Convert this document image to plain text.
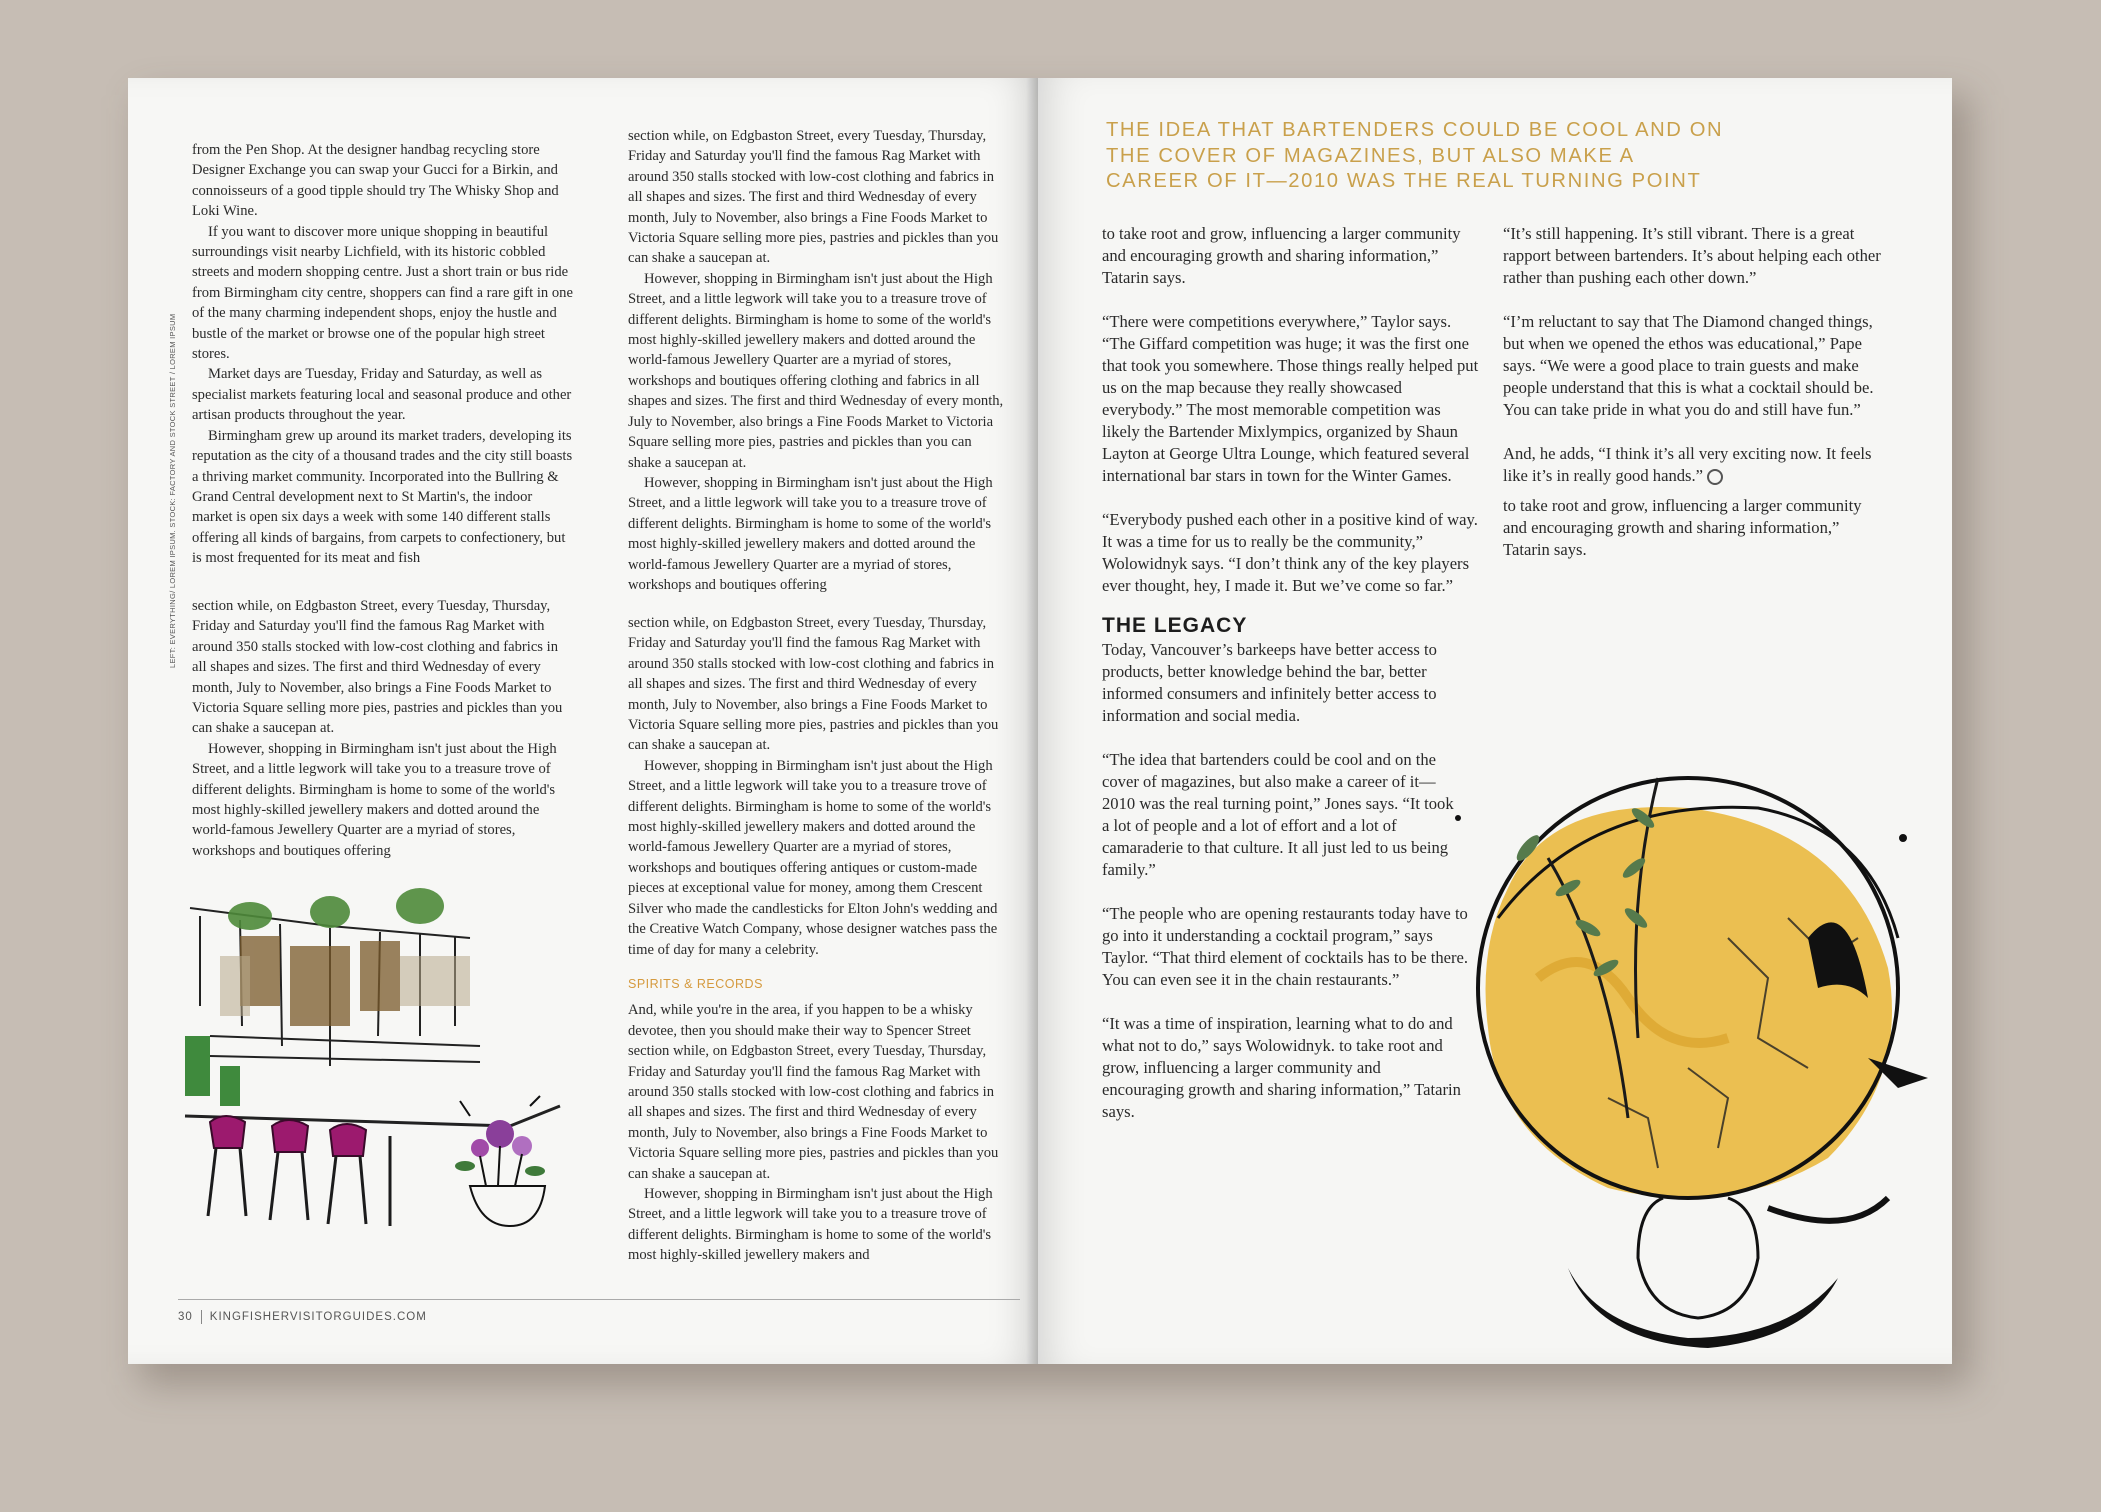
LEFT: EVERYTHING/ LOREM IPSUM. STOCK: FACTORY AND STOCK STREET / LOREM IPSUM

from the Pen Shop. At the designer handbag recycling store Designer Exchange you can swap your Gucci for a Birkin, and connoisseurs of a good tipple should try The Whisky Shop and Loki Wine.

If you want to discover more unique shopping in beautiful surroundings visit nearby Lichfield, with its historic cobbled streets and modern shopping centre. Just a short train or bus ride from Birmingham city centre, shoppers can find a rare gift in one of the many charming independent shops, enjoy the hustle and bustle of the market or browse one of the popular high street stores.

Market days are Tuesday, Friday and Saturday, as well as specialist markets featuring local and seasonal produce and other artisan products throughout the year.

Birmingham grew up around its market traders, developing its reputation as the city of a thousand trades and the city still boasts a thriving market community. Incorporated into the Bullring & Grand Central development next to St Martin's, the indoor market is open six days a week with some 140 different stalls offering all kinds of bargains, from carpets to confectionery, but is most frequented for its meat and fish

section while, on Edgbaston Street, every Tuesday, Thursday, Friday and Saturday you'll find the famous Rag Market with around 350 stalls stocked with low-cost clothing and fabrics in all shapes and sizes. The first and third Wednesday of every month, July to November, also brings a Fine Foods Market to Victoria Square selling more pies, pastries and pickles than you can shake a saucepan at.

However, shopping in Birmingham isn't just about the High Street, and a little legwork will take you to a treasure trove of different delights. Birmingham is home to some of the world's most highly-skilled jewellery makers and dotted around the world-famous Jewellery Quarter are a myriad of stores, workshops and boutiques offering

section while, on Edgbaston Street, every Tuesday, Thursday, Friday and Saturday you'll find the famous Rag Market with around 350 stalls stocked with low-cost clothing and fabrics in all shapes and sizes. The first and third Wednesday of every month, July to November, also brings a Fine Foods Market to Victoria Square selling more pies, pastries and pickles than you can shake a saucepan at.

However, shopping in Birmingham isn't just about the High Street, and a little legwork will take you to a treasure trove of different delights. Birmingham is home to some of the world's most highly-skilled jewellery makers and dotted around the world-famous Jewellery Quarter are a myriad of stores, workshops and boutiques offering clothing and fabrics in all shapes and sizes. The first and third Wednesday of every month, July to November, also brings a Fine Foods Market to Victoria Square selling more pies, pastries and pickles than you can shake a saucepan at.

However, shopping in Birmingham isn't just about the High Street, and a little legwork will take you to a treasure trove of different delights. Birmingham is home to some of the world's most highly-skilled jewellery makers and dotted around the world-famous Jewellery Quarter are a myriad of stores, workshops and boutiques offering

section while, on Edgbaston Street, every Tuesday, Thursday, Friday and Saturday you'll find the famous Rag Market with around 350 stalls stocked with low-cost clothing and fabrics in all shapes and sizes. The first and third Wednesday of every month, July to November, also brings a Fine Foods Market to Victoria Square selling more pies, pastries and pickles than you can shake a saucepan at.

However, shopping in Birmingham isn't just about the High Street, and a little legwork will take you to a treasure trove of different delights. Birmingham is home to some of the world's most highly-skilled jewellery makers and dotted around the world-famous Jewellery Quarter are a myriad of stores, workshops and boutiques offering antiques or custom-made pieces at exceptional value for money, among them Crescent Silver who made the candlesticks for Elton John's wedding and the Creative Watch Company, whose designer watches pass the time of day for many a celebrity.

SPIRITS & RECORDS

And, while you're in the area, if you happen to be a whisky devotee, then you should make their way to Spencer Street section while, on Edgbaston Street, every Tuesday, Thursday, Friday and Saturday you'll find the famous Rag Market with around 350 stalls stocked with low-cost clothing and fabrics in all shapes and sizes. The first and third Wednesday of every month, July to November, also brings a Fine Foods Market to Victoria Square selling more pies, pastries and pickles than you can shake a saucepan at.

However, shopping in Birmingham isn't just about the High Street, and a little legwork will take you to a treasure trove of different delights. Birmingham is home to some of the world's most highly-skilled jewellery makers and

30 KINGFISHERVISITORGUIDES.COM
THE IDEA THAT BARTENDERS COULD BE COOL AND ON THE COVER OF MAGAZINES, BUT ALSO MAKE A CAREER OF IT—2010 WAS THE REAL TURNING POINT

to take root and grow, influencing a larger community and encouraging growth and sharing information,” Tatarin says.

“There were competitions everywhere,” Taylor says. “The Giffard competition was huge; it was the first one that took you somewhere. Those things really helped put us on the map because they really showcased everybody.” The most memorable competition was likely the Bartender Mixlympics, organized by Shaun Layton at George Ultra Lounge, which featured several international bar stars in town for the Winter Games.

“Everybody pushed each other in a positive kind of way. It was a time for us to really be the community,” Wolowidnyk says. “I don’t think any of the key players ever thought, hey, I made it. But we’ve come so far.”

THE LEGACY

Today, Vancouver’s barkeeps have better access to products, better knowledge behind the bar, better informed consumers and infinitely better access to information and social media.

“The idea that bartenders could be cool and on the cover of magazines, but also make a career of it—2010 was the real turning point,” Jones says. “It took a lot of people and a lot of effort and a lot of camaraderie to that culture. It all just led to us being family.”

“The people who are opening restaurants today have to go into it understanding a cocktail program,” says Taylor. “That third element of cocktails has to be there. You can even see it in the chain restaurants.”

“It was a time of inspiration, learning what to do and what not to do,” says Wolowidnyk. to take root and grow, influencing a larger community and encouraging growth and sharing information,” Tatarin says.

“It’s still happening. It’s still vibrant. There is a great rapport between bartenders. It’s about helping each other rather than pushing each other down.”

“I’m reluctant to say that The Diamond changed things, but when we opened the ethos was educational,” Pape says. “We were a good place to train guests and make people understand that this is what a cocktail should be. You can take pride in what you do and still have fun.”

And, he adds, “I think it’s all very exciting now. It feels like it’s in really good hands.”

to take root and grow, influencing a larger community and encouraging growth and sharing information,” Tatarin says.
